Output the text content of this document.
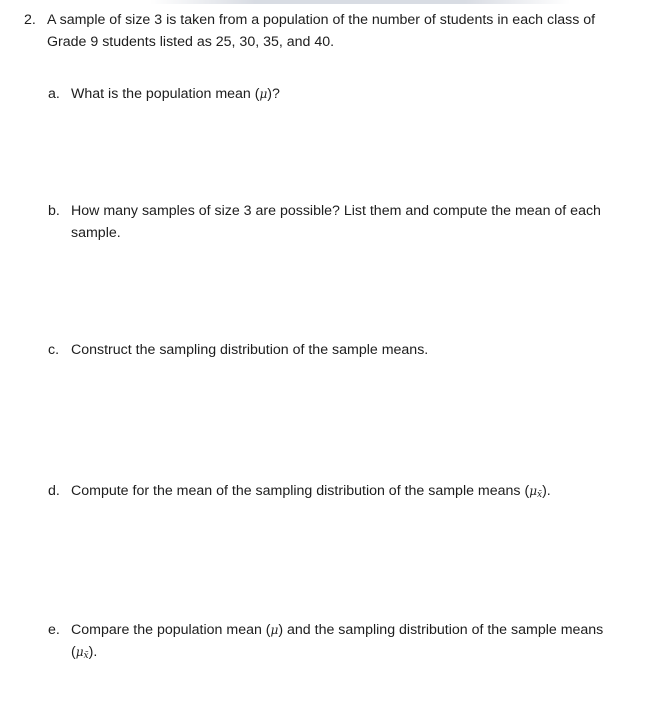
2. A sample of size 3 is taken from a population of the number of students in each class of Grade 9 students listed as 25, 30, 35, and 40.
a. What is the population mean (μ)?
b. How many samples of size 3 are possible? List them and compute the mean of each sample.
c. Construct the sampling distribution of the sample means.
d. Compute for the mean of the sampling distribution of the sample means $(\mu_{x̄})$.
e. Compare the population mean (μ) and the sampling distribution of the sample means $(\mu_{x̄})$.
